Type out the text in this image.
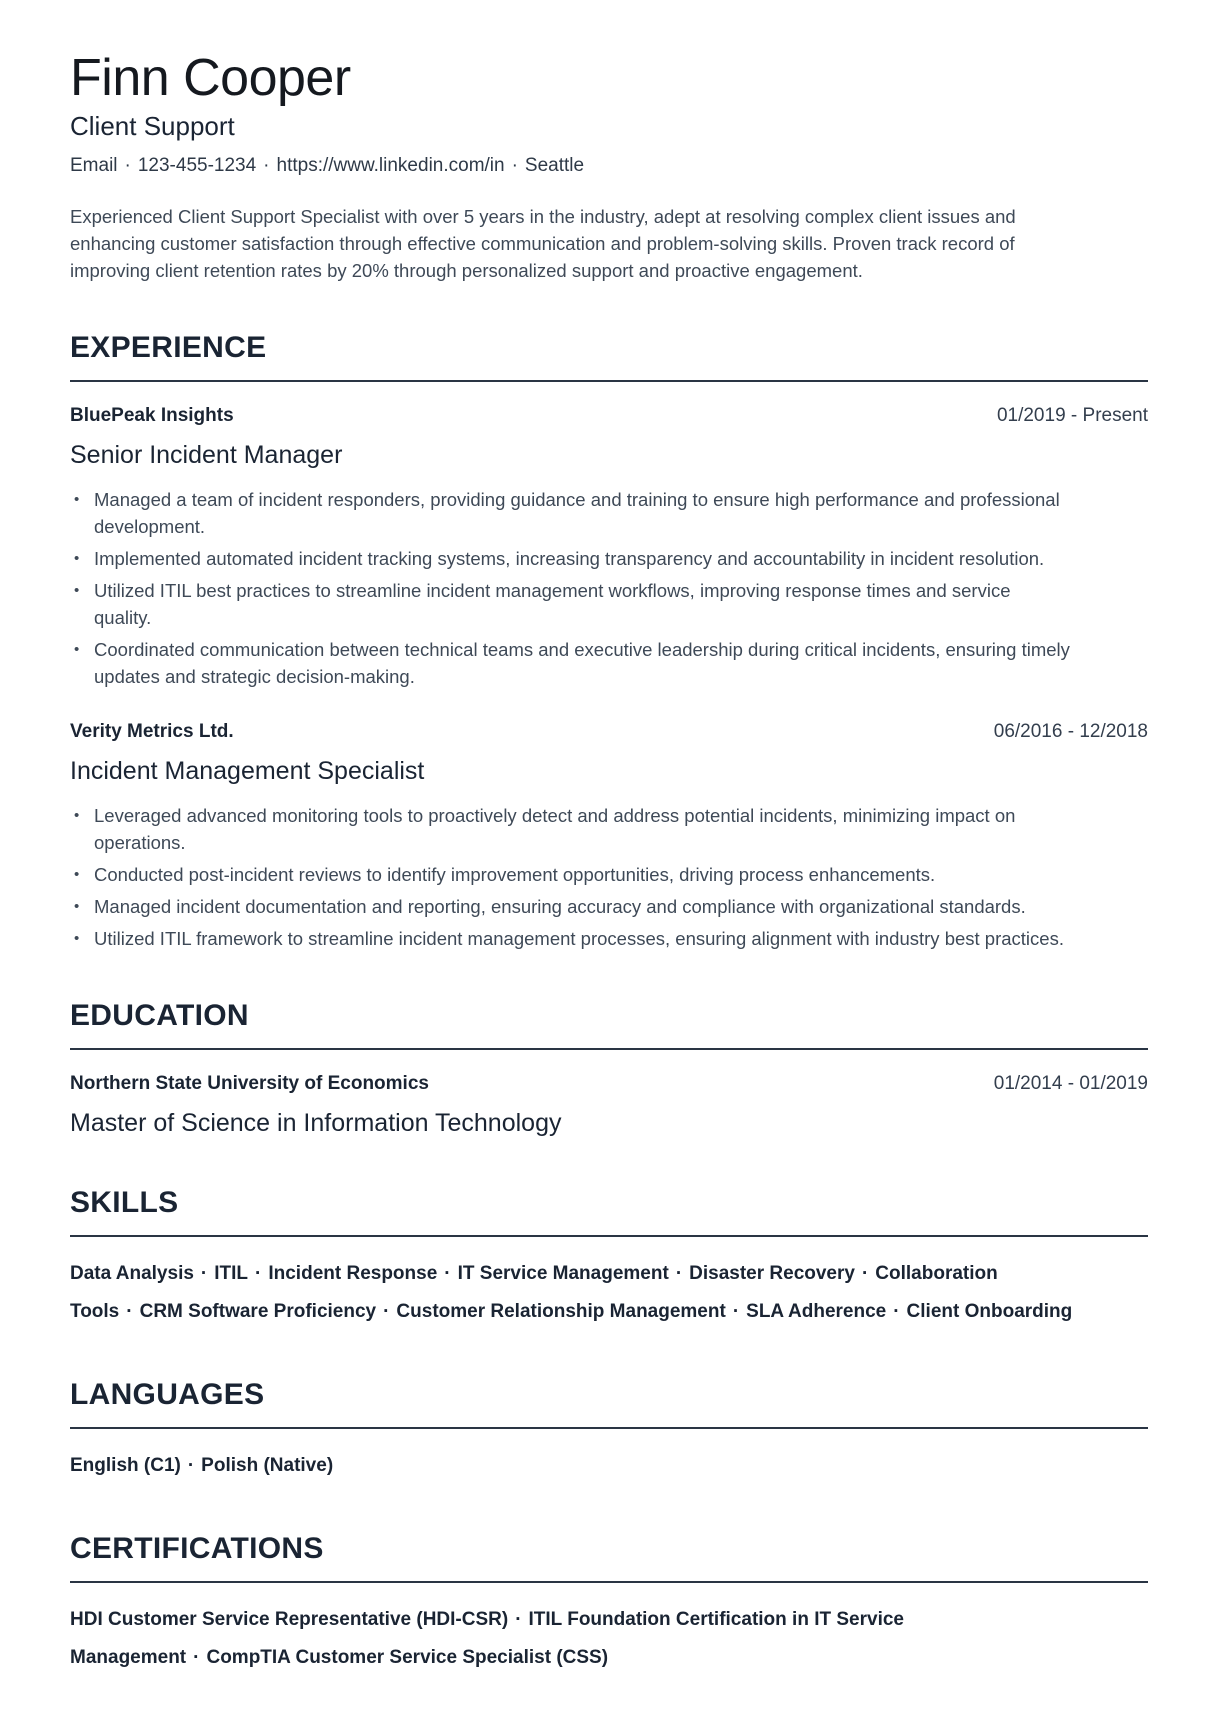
Finn Cooper
Client Support
Email · 123-455-1234 · https://www.linkedin.com/in · Seattle

Experienced Client Support Specialist with over 5 years in the industry, adept at resolving complex client issues and enhancing customer satisfaction through effective communication and problem-solving skills. Proven track record of improving client retention rates by 20% through personalized support and proactive engagement.

EXPERIENCE
BluePeak Insights	01/2019 - Present
Senior Incident Manager
• Managed a team of incident responders, providing guidance and training to ensure high performance and professional development.
• Implemented automated incident tracking systems, increasing transparency and accountability in incident resolution.
• Utilized ITIL best practices to streamline incident management workflows, improving response times and service quality.
• Coordinated communication between technical teams and executive leadership during critical incidents, ensuring timely updates and strategic decision-making.
Verity Metrics Ltd.	06/2016 - 12/2018
Incident Management Specialist
• Leveraged advanced monitoring tools to proactively detect and address potential incidents, minimizing impact on operations.
• Conducted post-incident reviews to identify improvement opportunities, driving process enhancements.
• Managed incident documentation and reporting, ensuring accuracy and compliance with organizational standards.
• Utilized ITIL framework to streamline incident management processes, ensuring alignment with industry best practices.
EDUCATION
Northern State University of Economics	01/2014 - 01/2019
Master of Science in Information Technology
SKILLS
Data Analysis · ITIL · Incident Response · IT Service Management · Disaster Recovery · Collaboration Tools · CRM Software Proficiency · Customer Relationship Management · SLA Adherence · Client Onboarding
LANGUAGES
English (C1) · Polish (Native)
CERTIFICATIONS
HDI Customer Service Representative (HDI-CSR) · ITIL Foundation Certification in IT Service Management · CompTIA Customer Service Specialist (CSS)
